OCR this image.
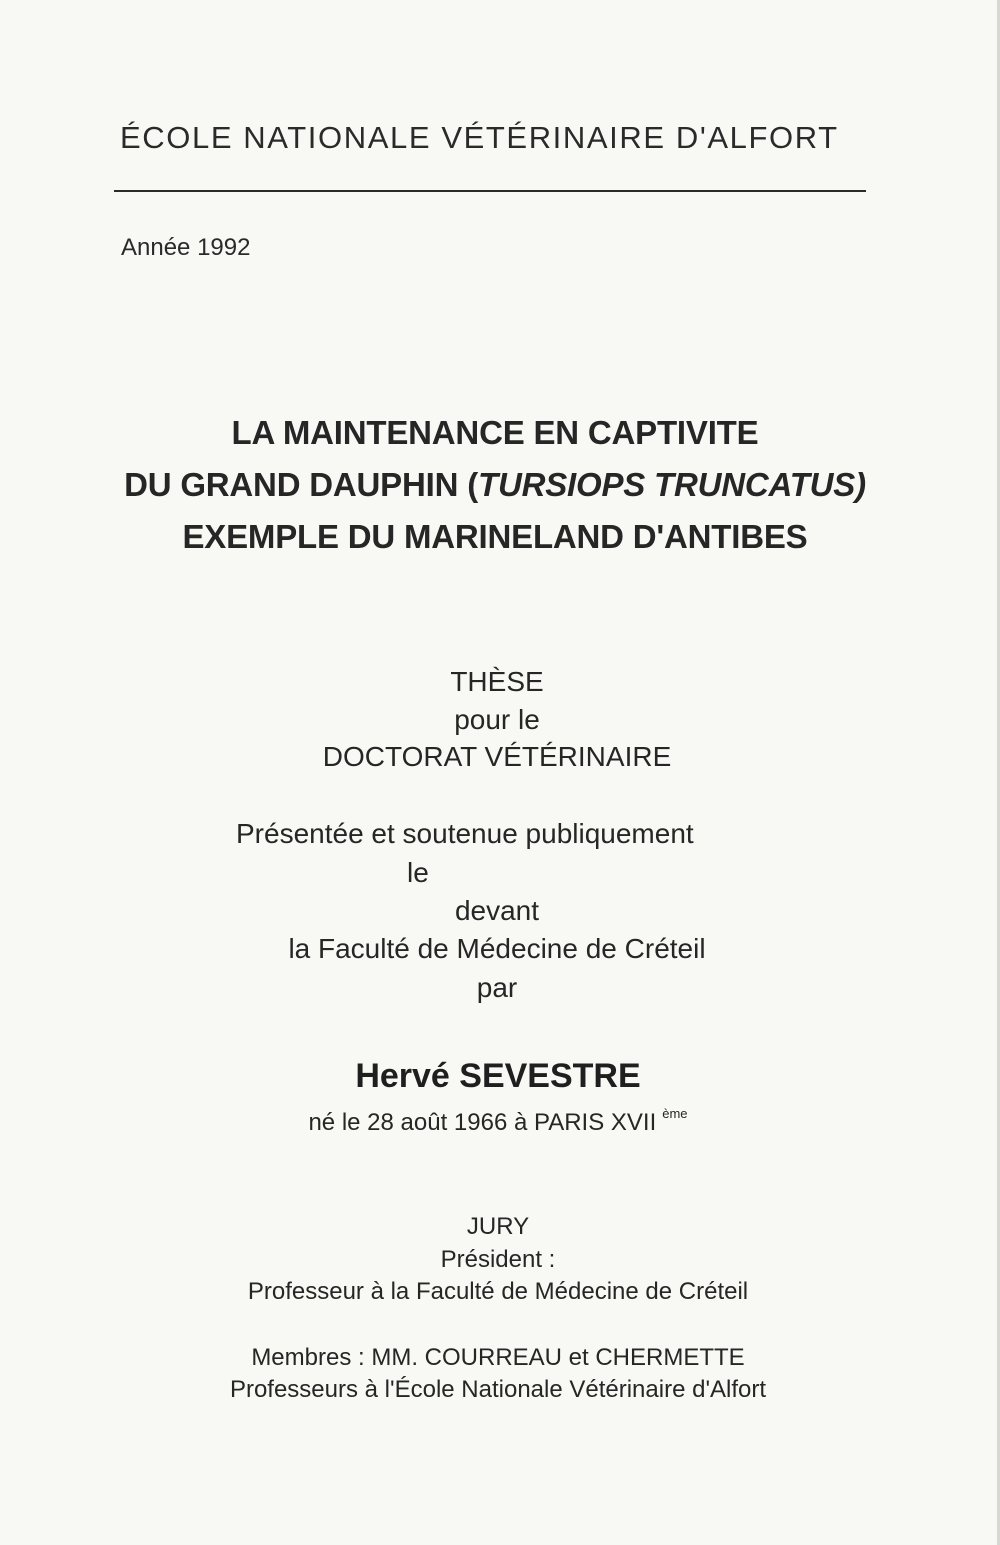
ÉCOLE NATIONALE VÉTÉRINAIRE D'ALFORT
Année 1992
LA MAINTENANCE EN CAPTIVITE
DU GRAND DAUPHIN (TURSIOPS TRUNCATUS)
EXEMPLE DU MARINELAND D'ANTIBES
THÈSE
pour le
DOCTORAT VÉTÉRINAIRE
Présentée et soutenue publiquement
le
devant
la Faculté de Médecine de Créteil
par
Hervé SEVESTRE
né le 28 août 1966 à PARIS XVII $^{ème}$
JURY
Président :
Professeur à la Faculté de Médecine de Créteil
Membres : MM. COURREAU et CHERMETTE
Professeurs à l'École Nationale Vétérinaire d'Alfort
